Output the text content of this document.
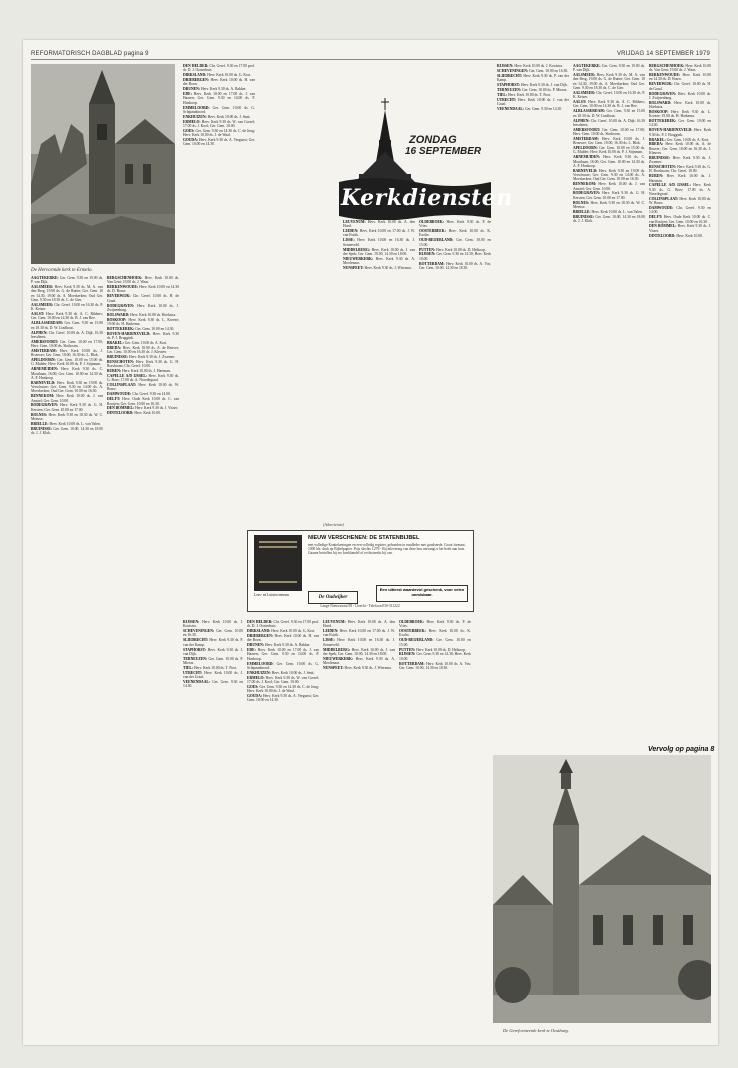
REFORMATORISCH DAGBLAD pagina 9	VRIJDAG 14 SEPTEMBER 1979
De Hervormde kerk te Ermelo.
ZONDAG
16 SEPTEMBER
Kerkdiensten

AAGTEKERKE: Ger. Gem. 9.30 en 19.00 ds. P. van Dijk.

AALSMEER: Herv. Kerk 9.30 ds. M. A. van den Berg, 19.00 ds. G. de Ruiter; Ger. Gem. 10 en 14.30, 19.00 ds. A. Moerkerken; Oud Ger. Gem. 9.30 en 18.30 ds. C. de Gier.

AALSMEER: Chr. Geref. 10.00 en 16.30 ds. P. K. Keizer.

AALST: Herv. Kerk 9.30 ds. A. C. Ribbers; Ger. Gem. 10.00 en 14.30 ds. B. J. van Ree.

ALBLASSERDAM: Ger. Gem. 9.30 en 15.00 en 18.30 ds. D. W. Lindhout.

ALPHEN: Chr. Geref. 10.00 ds. A. Dijk; 16.30 leesdienst.

AMERSFOORT: Ger. Gem. 10.00 en 17.00; Herv. Gem. 10.00 ds. Slotboom.

AMSTERDAM: Herv. Kerk 10.00 ds. J. Brouwer; Ger. Gem. 10.00, 16.30 ds. L. Blok.

APELDOORN: Ger. Gem. 10.00 en 15.00 ds. G. Mulder; Herv. Kerk 10.00 ds. P. J. Stijnman.

ARNEMUIDEN: Herv. Kerk 9.30 ds. C. Mouthaan, 16.00; Ger. Gem. 10.00 en 14.30 ds. A. F. Honkoop.

BARNEVELD: Herv. Kerk 9.30 en 19.00 ds. Verschuure; Ger. Gem. 9.30 en 14.00 ds. A. Moerkerken; Oud Ger. Gem. 10.00 en 16.30.

BENNEKOM: Herv. Kerk 10.00 ds. J. van Amstel; Ger. Gem. 10.00.

BODEGRAVEN: Herv. Kerk 9.30 ds. G. H. Kersten; Ger. Gem. 10.00 en 17.00.

BOLNES: Herv. Kerk 9.30 en 18.30 ds. W. C. Meeuse.

BRIELLE: Herv. Kerk 10.00 ds. L. van Valen.

BRUINISSE: Ger. Gem. 10.00, 14.30 en 18.00 ds. J. J. Klok.

BERGSCHENHOEK: Herv. Kerk 10.00 ds. Van Gent; 19.00 ds. J. Waas.

BERKENWOUDE: Herv. Kerk 10.00 en 14.30 ds. D. Bouw.

BEVERWIJK: Chr. Geref. 10.00 ds. H. de Graaf.

BODEGRAVEN: Herv. Kerk 10.00 ds. J. Zwijnenburg.

BOLSWARD: Herv. Kerk 10.00 ds. Hoekstra.

BOSKOOP: Herv. Kerk 9.30 ds. L. Kroeze; 19.00 ds. H. Harkema.

BOTTEKEREK: Ger. Gem. 10.00 en 14.30.

BOVEN-HARDINXVELD: Herv. Kerk 9.30 ds. P. J. Bruggink.

BRAKEL: Ger. Gem. 10.00 ds. A. Kort.

BREDA: Herv. Kerk 10.00 ds. A. de Reuver; Ger. Gem. 10.00 en 16.30 ds. J. Kleuver.

BRUINISSE: Herv. Kerk 9.30 ds. J. Zwemer.

BUNSCHOTEN: Herv. Kerk 9.30 ds. G. H. Borsboom; Chr. Geref. 10.00.

BUREN: Herv. Kerk 10.00 ds. J. Hartman.

CAPELLE A/D IJSSEL: Herv. Kerk 9.30 ds. G. Boer; 17.00 ds. A. Noordegraaf.

COLIJNSPLAAT: Herv. Kerk 10.00 ds. W. Bouw.

DAMWOUDE: Chr. Geref. 9.30 en 14.00.

DELFT: Herv. Oude Kerk 10.00 ds. C. van Rooijen; Ger. Gem. 10.00 en 16.30.

DEN BOMMEL: Herv. Kerk 9.30 ds. J. Visser.

DINTELOORD: Herv. Kerk 10.00.

DEN HELDER: Chr. Geref. 9.30 en 17.00 prof. dr. D. J. Oosterhuis.

DIRKSLAND: Herv. Kerk 10.00 ds. G. Kort.

DRIEBERGEN: Herv. Kerk 10.00 ds. H. van der Boon.

DRUNEN: Herv. Kerk 9.30 ds. A. Bakker.

EDE: Herv. Kerk 10.00 en 17.00 ds. J. van Haaren; Ger. Gem. 9.30 en 14.00 ds. P. Honkoop.

EMMELOORD: Ger. Gem. 10.00 ds. G. Schipaanboord.

ENKHUIZEN: Herv. Kerk 10.00 ds. J. Smit.

ERMELO: Herv. Kerk 9.30 ds. W. van Gorsel; 17.00 ds. J. Kool; Ger. Gem. 10.00.

GOES: Ger. Gem. 9.30 en 14.30 ds. C. de Jong; Herv. Kerk 10.00 ds. J. de Waal.

GOUDA: Herv. Kerk 9.30 ds. A. Vergunst; Ger. Gem. 10.00 en 14.30.

LEUVENUM: Herv. Kerk 10.00 ds. A. den Hoed.

LEIDEN: Herv. Kerk 10.00 en 17.00 ds. J. W. van Estrik.

LISSE: Herv. Kerk 10.00 en 16.30 ds. J. Sonneveld.

MIDDELBURG: Herv. Kerk 10.00 ds. J. van der Spek; Ger. Gem. 10.00, 14.30 en 18.00.

NIEUWERKERK: Herv. Kerk 9.30 ds. A. Moolenaar.

NUNSPEET: Herv. Kerk 9.30 ds. J. Wiersma.

OLDEBROEK: Herv. Kerk 9.30 ds. P. de Vries.

OOSTERBEEK: Herv. Kerk 10.00 ds. K. Exalto.

OUD-BEIJERLAND: Ger. Gem. 10.00 en 15.00.

PUTTEN: Herv. Kerk 10.00 ds. D. Heikoop.

RIJSSEN: Ger. Gem. 9.30 en 14.30; Herv. Kerk 10.00.

ROTTERDAM: Herv. Kerk 10.00 ds. A. Vos; Ger. Gem. 10.00, 14.30 en 18.30.

RIJSSEN: Herv. Kerk 10.00 ds. J. Kooistra.

SCHEVENINGEN: Ger. Gem. 10.00 en 16.30.

SLIEDRECHT: Herv. Kerk 9.30 ds. P. van der Kamp.

STAPHORST: Herv. Kerk 9.30 ds. J. van Dijk.

TERNEUZEN: Ger. Gem. 10.00 ds. P. Mieras.

TIEL: Herv. Kerk 10.00 ds. T. Poot.

UTRECHT: Herv. Kerk 10.00 ds. J. van der Graaf.

VEENENDAAL: Ger. Gem. 9.30 en 14.30.

AAGTEKERKE: Ger. Gem. 9.30 en 19.00 ds. P. van Dijk.

AALSMEER: Herv. Kerk 9.30 ds. M. A. van den Berg, 19.00 ds. G. de Ruiter; Ger. Gem. 10 en 14.30, 19.00 ds. A. Moerkerken; Oud Ger. Gem. 9.30 en 18.30 ds. C. de Gier.

AALSMEER: Chr. Geref. 10.00 en 16.30 ds. P. K. Keizer.

AALST: Herv. Kerk 9.30 ds. A. C. Ribbers; Ger. Gem. 10.00 en 14.30 ds. B. J. van Ree.

ALBLASSERDAM: Ger. Gem. 9.30 en 15.00 en 18.30 ds. D. W. Lindhout.

ALPHEN: Chr. Geref. 10.00 ds. A. Dijk; 16.30 leesdienst.

AMERSFOORT: Ger. Gem. 10.00 en 17.00; Herv. Gem. 10.00 ds. Slotboom.

AMSTERDAM: Herv. Kerk 10.00 ds. J. Brouwer; Ger. Gem. 10.00, 16.30 ds. L. Blok.

APELDOORN: Ger. Gem. 10.00 en 15.00 ds. G. Mulder; Herv. Kerk 10.00 ds. P. J. Stijnman.

ARNEMUIDEN: Herv. Kerk 9.30 ds. C. Mouthaan, 16.00; Ger. Gem. 10.00 en 14.30 ds. A. F. Honkoop.

BARNEVELD: Herv. Kerk 9.30 en 19.00 ds. Verschuure; Ger. Gem. 9.30 en 14.00 ds. A. Moerkerken; Oud Ger. Gem. 10.00 en 16.30.

BENNEKOM: Herv. Kerk 10.00 ds. J. van Amstel; Ger. Gem. 10.00.

BODEGRAVEN: Herv. Kerk 9.30 ds. G. H. Kersten; Ger. Gem. 10.00 en 17.00.

BOLNES: Herv. Kerk 9.30 en 18.30 ds. W. C. Meeuse.

BRIELLE: Herv. Kerk 10.00 ds. L. van Valen.

BRUINISSE: Ger. Gem. 10.00, 14.30 en 18.00 ds. J. J. Klok.

BERGSCHENHOEK: Herv. Kerk 10.00 ds. Van Gent; 19.00 ds. J. Waas.

BERKENWOUDE: Herv. Kerk 10.00 en 14.30 ds. D. Bouw.

BEVERWIJK: Chr. Geref. 10.00 ds. H. de Graaf.

BODEGRAVEN: Herv. Kerk 10.00 ds. J. Zwijnenburg.

BOLSWARD: Herv. Kerk 10.00 ds. Hoekstra.

BOSKOOP: Herv. Kerk 9.30 ds. L. Kroeze; 19.00 ds. H. Harkema.

BOTTEKEREK: Ger. Gem. 10.00 en 14.30.

BOVEN-HARDINXVELD: Herv. Kerk 9.30 ds. P. J. Bruggink.

BRAKEL: Ger. Gem. 10.00 ds. A. Kort.

BREDA: Herv. Kerk 10.00 ds. A. de Reuver; Ger. Gem. 10.00 en 16.30 ds. J. Kleuver.

BRUINISSE: Herv. Kerk 9.30 ds. J. Zwemer.

BUNSCHOTEN: Herv. Kerk 9.30 ds. G. H. Borsboom; Chr. Geref. 10.00.

BUREN: Herv. Kerk 10.00 ds. J. Hartman.

CAPELLE A/D IJSSEL: Herv. Kerk 9.30 ds. G. Boer; 17.00 ds. A. Noordegraaf.

COLIJNSPLAAT: Herv. Kerk 10.00 ds. W. Bouw.

DAMWOUDE: Chr. Geref. 9.30 en 14.00.

DELFT: Herv. Oude Kerk 10.00 ds. C. van Rooijen; Ger. Gem. 10.00 en 16.30.

DEN BOMMEL: Herv. Kerk 9.30 ds. J. Visser.

DINTELOORD: Herv. Kerk 10.00.

DEN HELDER: Chr. Geref. 9.30 en 17.00 prof. dr. D. J. Oosterhuis.

DIRKSLAND: Herv. Kerk 10.00 ds. G. Kort.

DRIEBERGEN: Herv. Kerk 10.00 ds. H. van der Boon.

DRUNEN: Herv. Kerk 9.30 ds. A. Bakker.

EDE: Herv. Kerk 10.00 en 17.00 ds. J. van Haaren; Ger. Gem. 9.30 en 14.00 ds. P. Honkoop.

EMMELOORD: Ger. Gem. 10.00 ds. G. Schipaanboord.

ENKHUIZEN: Herv. Kerk 10.00 ds. J. Smit.

ERMELO: Herv. Kerk 9.30 ds. W. van Gorsel; 17.00 ds. J. Kool; Ger. Gem. 10.00.

GOES: Ger. Gem. 9.30 en 14.30 ds. C. de Jong; Herv. Kerk 10.00 ds. J. de Waal.

GOUDA: Herv. Kerk 9.30 ds. A. Vergunst; Ger. Gem. 10.00 en 14.30.

LEUVENUM: Herv. Kerk 10.00 ds. A. den Hoed.

LEIDEN: Herv. Kerk 10.00 en 17.00 ds. J. W. van Estrik.

LISSE: Herv. Kerk 10.00 en 16.30 ds. J. Sonneveld.

MIDDELBURG: Herv. Kerk 10.00 ds. J. van der Spek; Ger. Gem. 10.00, 14.30 en 18.00.

NIEUWERKERK: Herv. Kerk 9.30 ds. A. Moolenaar.

NUNSPEET: Herv. Kerk 9.30 ds. J. Wiersma.

OLDEBROEK: Herv. Kerk 9.30 ds. P. de Vries.

OOSTERBEEK: Herv. Kerk 10.00 ds. K. Exalto.

OUD-BEIJERLAND: Ger. Gem. 10.00 en 15.00.

PUTTEN: Herv. Kerk 10.00 ds. D. Heikoop.

RIJSSEN: Ger. Gem. 9.30 en 14.30; Herv. Kerk 10.00.

ROTTERDAM: Herv. Kerk 10.00 ds. A. Vos; Ger. Gem. 10.00, 14.30 en 18.30.

RIJSSEN: Herv. Kerk 10.00 ds. J. Kooistra.

SCHEVENINGEN: Ger. Gem. 10.00 en 16.30.

SLIEDRECHT: Herv. Kerk 9.30 ds. P. van der Kamp.

STAPHORST: Herv. Kerk 9.30 ds. J. van Dijk.

TERNEUZEN: Ger. Gem. 10.00 ds. P. Mieras.

TIEL: Herv. Kerk 10.00 ds. T. Poot.

UTRECHT: Herv. Kerk 10.00 ds. J. van der Graaf.

VEENENDAAL: Ger. Gem. 9.30 en 14.30.

(Advertentie)
NIEUW VERSCHENEN: DE STATENBIJBEL
met volledige Kanttekeningen en een volledig register, gebonden in rundleder met goudsnede. Groot formaat, 1000 blz. druk op Bijbelpapier. Prijs slechts f 279.- Bij inlevering van deze bon ontvangt u het boek aan huis. Gaarne bestellen bij uw boekhandel of rechtstreeks bij ons.
Lees- en Luistercentrum	De Oudwijker
Een uitterst waardevol geschenk, voor velen onmisbaar.
Lange Nieuwstraat 98 - Utrecht - Telefoon 030-311222
Vervolg op pagina 8
De Gereformeerde kerk te Oostburg.
